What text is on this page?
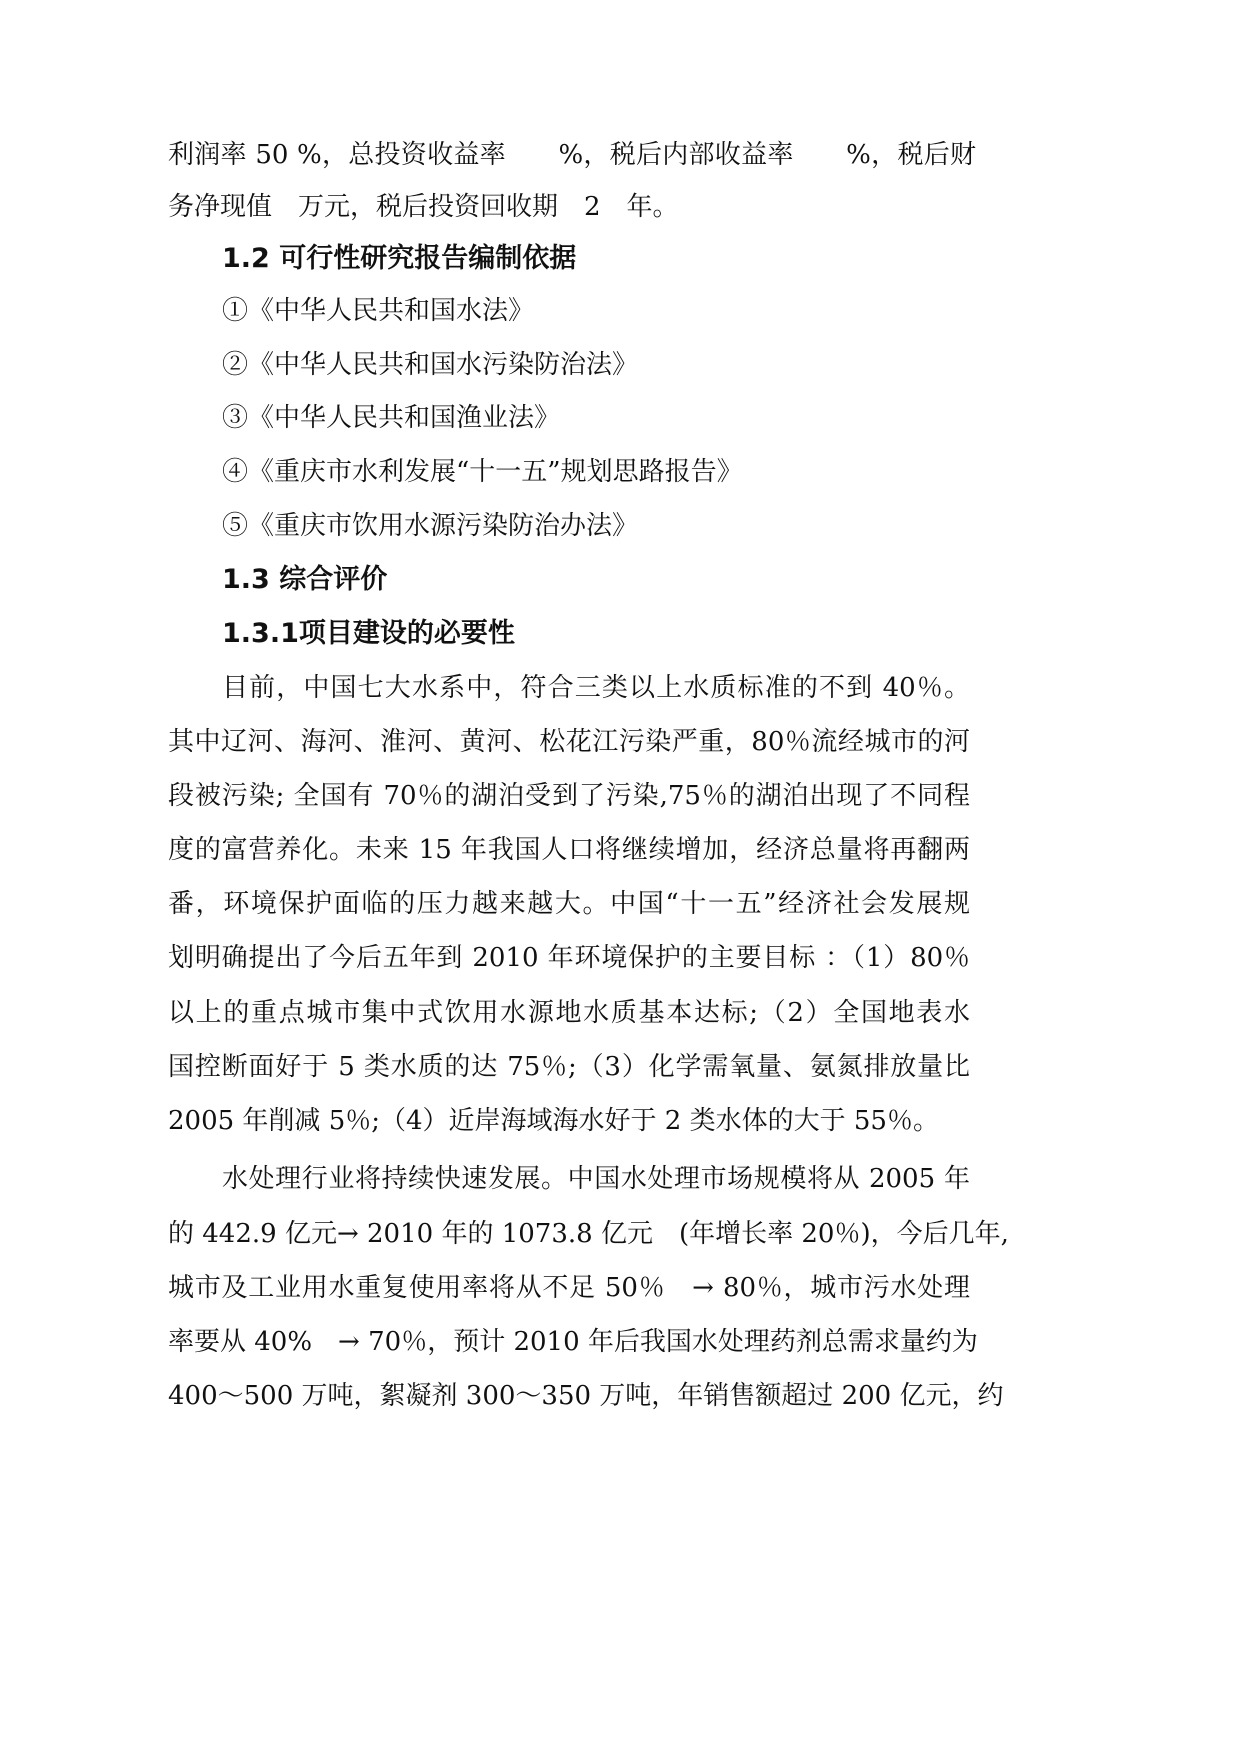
利润率 50 %，总投资收益率　　%，税后内部收益率　　%，税后财

务净现值　万元，税后投资回收期　2　年。

1.2 可行性研究报告编制依据

①《中华人民共和国水法》

②《中华人民共和国水污染防治法》

③《中华人民共和国渔业法》

④《重庆市水利发展“十一五”规划思路报告》

⑤《重庆市饮用水源污染防治办法》

1.3 综合评价
1.3.1项目建设的必要性

目前，中国七大水系中，符合三类以上水质标准的不到 40％。

其中辽河、海河、淮河、黄河、松花江污染严重，80％流经城市的河

段被污染; 全国有 70％的湖泊受到了污染,75％的湖泊出现了不同程

度的富营养化。未来 15 年我国人口将继续增加，经济总量将再翻两

番，环境保护面临的压力越来越大。中国“十一五”经济社会发展规

划明确提出了今后五年到 2010 年环境保护的主要目标 ：（1）80％

以上的重点城市集中式饮用水源地水质基本达标;（2）全国地表水

国控断面好于 5 类水质的达 75％;（3）化学需氧量、氨氮排放量比

2005 年削减 5％;（4）近岸海域海水好于 2 类水体的大于 55％。

水处理行业将持续快速发展。中国水处理市场规模将从 2005 年

的 442.9 亿元→ 2010 年的 1073.8 亿元　(年增长率 20％)，今后几年,

城市及工业用水重复使用率将从不足 50％　→ 80％，城市污水处理

率要从 40%　→ 70％，预计 2010 年后我国水处理药剂总需求量约为

400～500 万吨，絮凝剂 300～350 万吨，年销售额超过 200 亿元，约
